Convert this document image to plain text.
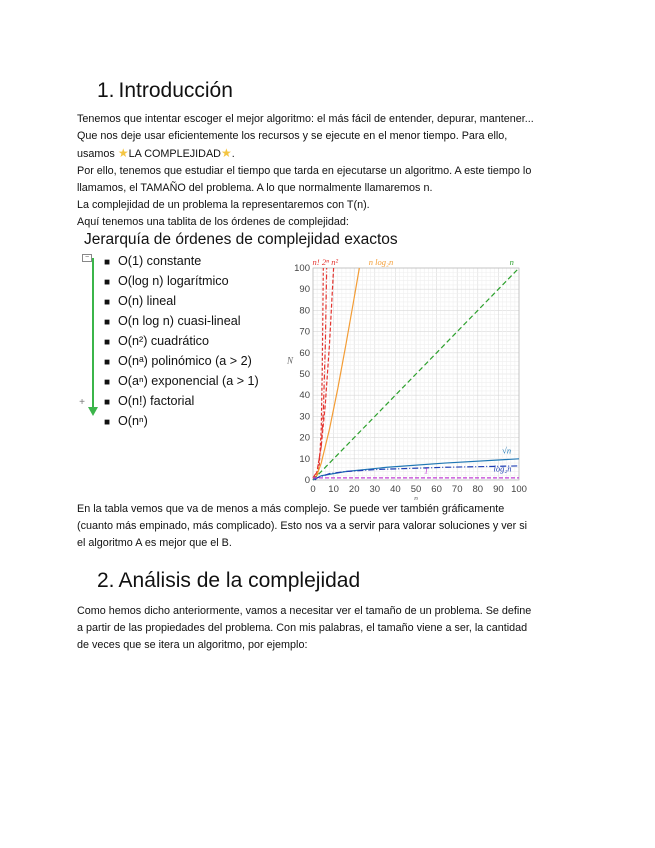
1. Introducción

Tenemos que intentar escoger el mejor algoritmo: el más fácil de entender, depurar, mantener...
Que nos deje usar eficientemente los recursos y se ejecute en el menor tiempo. Para ello,
usamos ★LA COMPLEJIDAD★.
Por ello, tenemos que estudiar el tiempo que tarda en ejecutarse un algoritmo. A este tiempo lo
llamamos, el TAMAÑO del problema. A lo que normalmente llamaremos n.
La complejidad de un problema la representaremos con T(n).
Aquí tenemos una tablita de los órdenes de complejidad:

Jerarquía de órdenes de complejidad exactos
−
+
■ O(1) constante
■ O(log n) logarítmico
■ O(n) lineal
■ O(n log n) cuasi-lineal
■ O(n²) cuadrático
■ O(nᵃ) polinómico (a > 2)
■ O(aⁿ) exponencial (a > 1)
■ O(n!) factorial
■ O(nⁿ)
0 10 20 30 40 50 60 70 80 90 100
0
10
20
30
40
50
60
70
80
90
100
n
N
n! 2ⁿ n²	n log₂n	n
√n
log₂n
1

En la tabla vemos que va de menos a más complejo. Se puede ver también gráficamente
(cuanto más empinado, más complicado). Esto nos va a servir para valorar soluciones y ver si
el algoritmo A es mejor que el B.

2. Análisis de la complejidad

Como hemos dicho anteriormente, vamos a necesitar ver el tamaño de un problema. Se define
a partir de las propiedades del problema. Con mis palabras, el tamaño viene a ser, la cantidad
de veces que se itera un algoritmo, por ejemplo:
